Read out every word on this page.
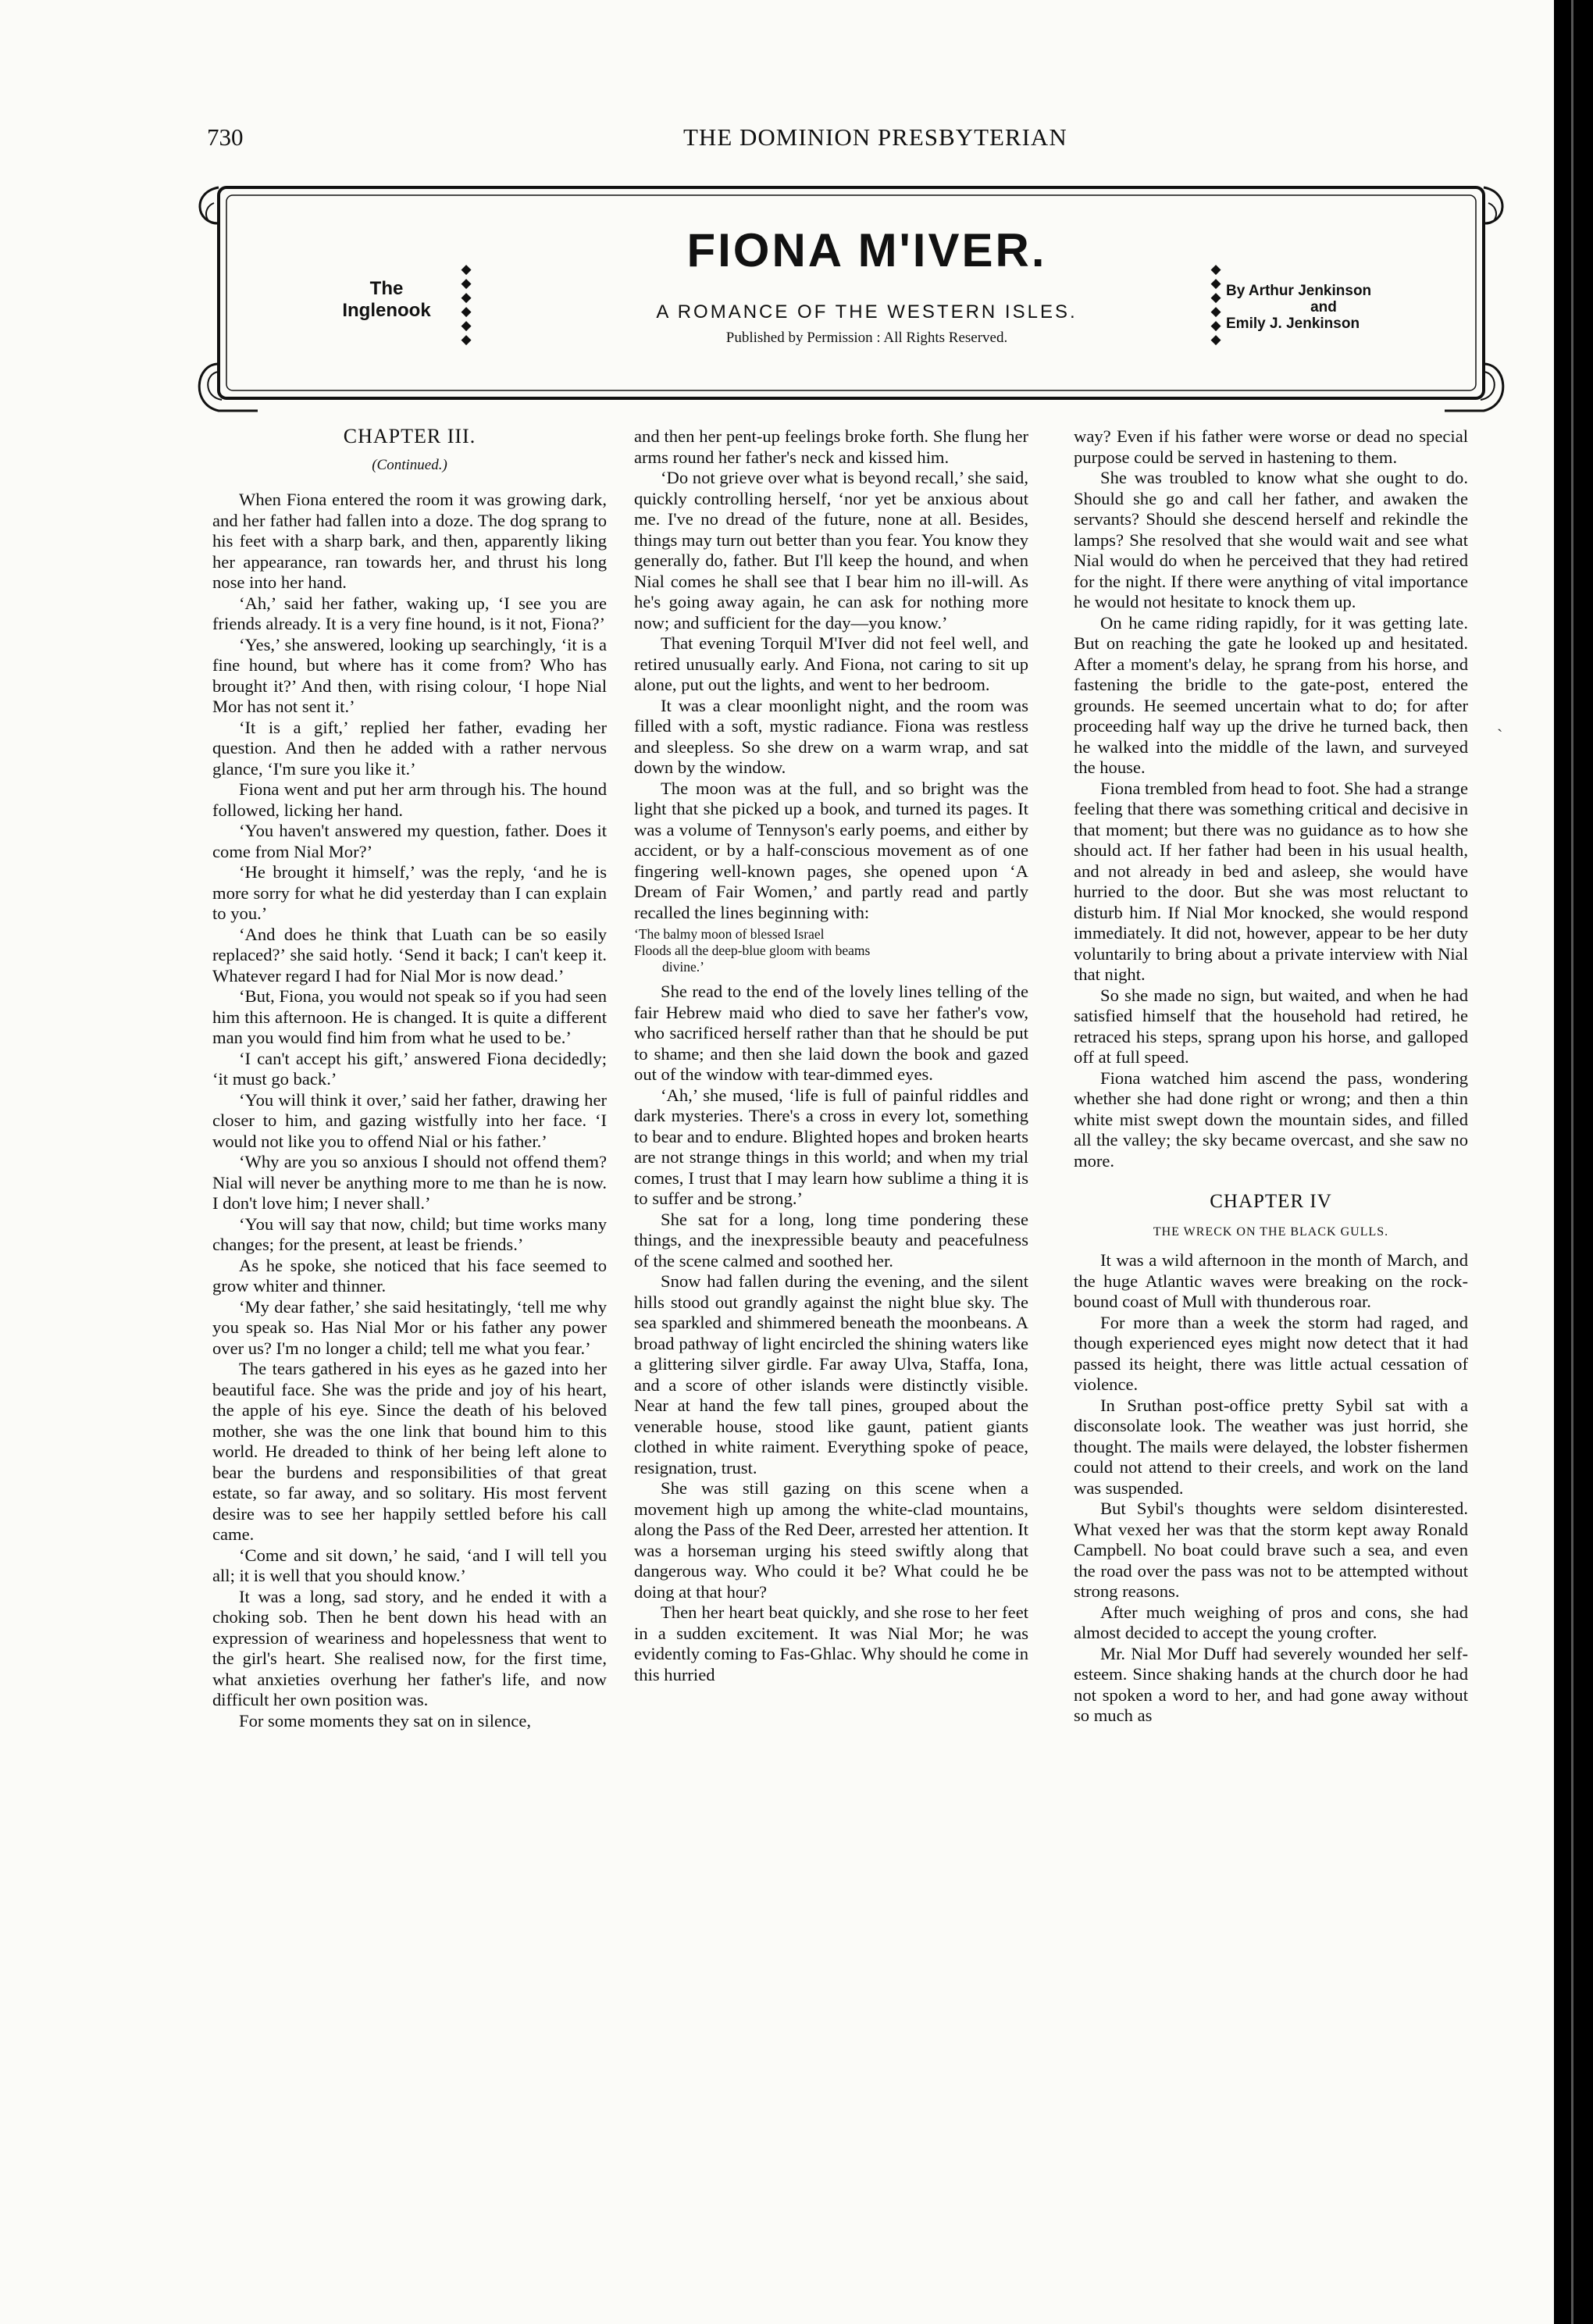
730	THE DOMINION PRESBYTERIAN
The
Inglenook
◆
◆
◆
◆
◆
◆
FIONA M'IVER.
A ROMANCE OF THE WESTERN ISLES.
Published by Permission : All Rights Reserved.
◆
◆
◆
◆
◆
◆
By Arthur Jenkinson
and
Emily J. Jenkinson
CHAPTER III.
(Continued.)

When Fiona entered the room it was growing dark, and her father had fallen into a doze. The dog sprang to his feet with a sharp bark, and then, apparently liking her appearance, ran towards her, and thrust his long nose into her hand.

‘Ah,’ said her father, waking up, ‘I see you are friends already. It is a very fine hound, is it not, Fiona?’

‘Yes,’ she answered, looking up searchingly, ‘it is a fine hound, but where has it come from? Who has brought it?’ And then, with rising colour, ‘I hope Nial Mor has not sent it.’

‘It is a gift,’ replied her father, evading her question. And then he added with a rather nervous glance, ‘I'm sure you like it.’

Fiona went and put her arm through his. The hound followed, licking her hand.

‘You haven't answered my question, father. Does it come from Nial Mor?’

‘He brought it himself,’ was the reply, ‘and he is more sorry for what he did yesterday than I can explain to you.’

‘And does he think that Luath can be so easily replaced?’ she said hotly. ‘Send it back; I can't keep it. Whatever regard I had for Nial Mor is now dead.’

‘But, Fiona, you would not speak so if you had seen him this afternoon. He is changed. It is quite a different man you would find him from what he used to be.’

‘I can't accept his gift,’ answered Fiona decidedly; ‘it must go back.’

‘You will think it over,’ said her father, drawing her closer to him, and gazing wistfully into her face. ‘I would not like you to offend Nial or his father.’

‘Why are you so anxious I should not offend them? Nial will never be anything more to me than he is now. I don't love him; I never shall.’

‘You will say that now, child; but time works many changes; for the present, at least be friends.’

As he spoke, she noticed that his face seemed to grow whiter and thinner.

‘My dear father,’ she said hesitatingly, ‘tell me why you speak so. Has Nial Mor or his father any power over us? I'm no longer a child; tell me what you fear.’

The tears gathered in his eyes as he gazed into her beautiful face. She was the pride and joy of his heart, the apple of his eye. Since the death of his beloved mother, she was the one link that bound him to this world. He dreaded to think of her being left alone to bear the burdens and responsibilities of that great estate, so far away, and so solitary. His most fervent desire was to see her happily settled before his call came.

‘Come and sit down,’ he said, ‘and I will tell you all; it is well that you should know.’

It was a long, sad story, and he ended it with a choking sob. Then he bent down his head with an expression of weariness and hopelessness that went to the girl's heart. She realised now, for the first time, what anxieties overhung her father's life, and now difficult her own position was.

For some moments they sat on in silence,

and then her pent-up feelings broke forth. She flung her arms round her father's neck and kissed him.

‘Do not grieve over what is beyond recall,’ she said, quickly controlling herself, ‘nor yet be anxious about me. I've no dread of the future, none at all. Besides, things may turn out better than you fear. You know they generally do, father. But I'll keep the hound, and when Nial comes he shall see that I bear him no ill-will. As he's going away again, he can ask for nothing more now; and sufficient for the day—you know.’

That evening Torquil M'Iver did not feel well, and retired unusually early. And Fiona, not caring to sit up alone, put out the lights, and went to her bedroom.

It was a clear moonlight night, and the room was filled with a soft, mystic radiance. Fiona was restless and sleepless. So she drew on a warm wrap, and sat down by the window.

The moon was at the full, and so bright was the light that she picked up a book, and turned its pages. It was a volume of Tennyson's early poems, and either by accident, or by a half-conscious movement as of one fingering well-known pages, she opened upon ‘A Dream of Fair Women,’ and partly read and partly recalled the lines beginning with:

‘The balmy moon of blessed Israel
Floods all the deep-blue gloom with beams
divine.’

She read to the end of the lovely lines telling of the fair Hebrew maid who died to save her father's vow, who sacrificed herself rather than that he should be put to shame; and then she laid down the book and gazed out of the window with tear-dimmed eyes.

‘Ah,’ she mused, ‘life is full of painful riddles and dark mysteries. There's a cross in every lot, something to bear and to endure. Blighted hopes and broken hearts are not strange things in this world; and when my trial comes, I trust that I may learn how sublime a thing it is to suffer and be strong.’

She sat for a long, long time pondering these things, and the inexpressible beauty and peacefulness of the scene calmed and soothed her.

Snow had fallen during the evening, and the silent hills stood out grandly against the night blue sky. The sea sparkled and shimmered beneath the moonbeans. A broad pathway of light encircled the shining waters like a glittering silver girdle. Far away Ulva, Staffa, Iona, and a score of other islands were distinctly visible. Near at hand the few tall pines, grouped about the venerable house, stood like gaunt, patient giants clothed in white raiment. Everything spoke of peace, resignation, trust.

She was still gazing on this scene when a movement high up among the white-clad mountains, along the Pass of the Red Deer, arrested her attention. It was a horseman urging his steed swiftly along that dangerous way. Who could it be? What could he be doing at that hour?

Then her heart beat quickly, and she rose to her feet in a sudden excitement. It was Nial Mor; he was evidently coming to Fas-Ghlac. Why should he come in this hurried

way? Even if his father were worse or dead no special purpose could be served in hastening to them.

She was troubled to know what she ought to do. Should she go and call her father, and awaken the servants? Should she descend herself and rekindle the lamps? She resolved that she would wait and see what Nial would do when he perceived that they had retired for the night. If there were anything of vital importance he would not hesitate to knock them up.

On he came riding rapidly, for it was getting late. But on reaching the gate he looked up and hesitated. After a moment's delay, he sprang from his horse, and fastening the bridle to the gate-post, entered the grounds. He seemed uncertain what to do; for after proceeding half way up the drive he turned back, then he walked into the middle of the lawn, and surveyed the house.

Fiona trembled from head to foot. She had a strange feeling that there was something critical and decisive in that moment; but there was no guidance as to how she should act. If her father had been in his usual health, and not already in bed and asleep, she would have hurried to the door. But she was most reluctant to disturb him. If Nial Mor knocked, she would respond immediately. It did not, however, appear to be her duty voluntarily to bring about a private interview with Nial that night.

So she made no sign, but waited, and when he had satisfied himself that the household had retired, he retraced his steps, sprang upon his horse, and galloped off at full speed.

Fiona watched him ascend the pass, wondering whether she had done right or wrong; and then a thin white mist swept down the mountain sides, and filled all the valley; the sky became overcast, and she saw no more.

CHAPTER IV
THE WRECK ON THE BLACK GULLS.

It was a wild afternoon in the month of March, and the huge Atlantic waves were breaking on the rock-bound coast of Mull with thunderous roar.

For more than a week the storm had raged, and though experienced eyes might now detect that it had passed its height, there was little actual cessation of violence.

In Sruthan post-office pretty Sybil sat with a disconsolate look. The weather was just horrid, she thought. The mails were delayed, the lobster fishermen could not attend to their creels, and work on the land was suspended.

But Sybil's thoughts were seldom disinterested. What vexed her was that the storm kept away Ronald Campbell. No boat could brave such a sea, and even the road over the pass was not to be attempted without strong reasons.

After much weighing of pros and cons, she had almost decided to accept the young crofter.

Mr. Nial Mor Duff had severely wounded her self-esteem. Since shaking hands at the church door he had not spoken a word to her, and had gone away without so much as

ˎ
